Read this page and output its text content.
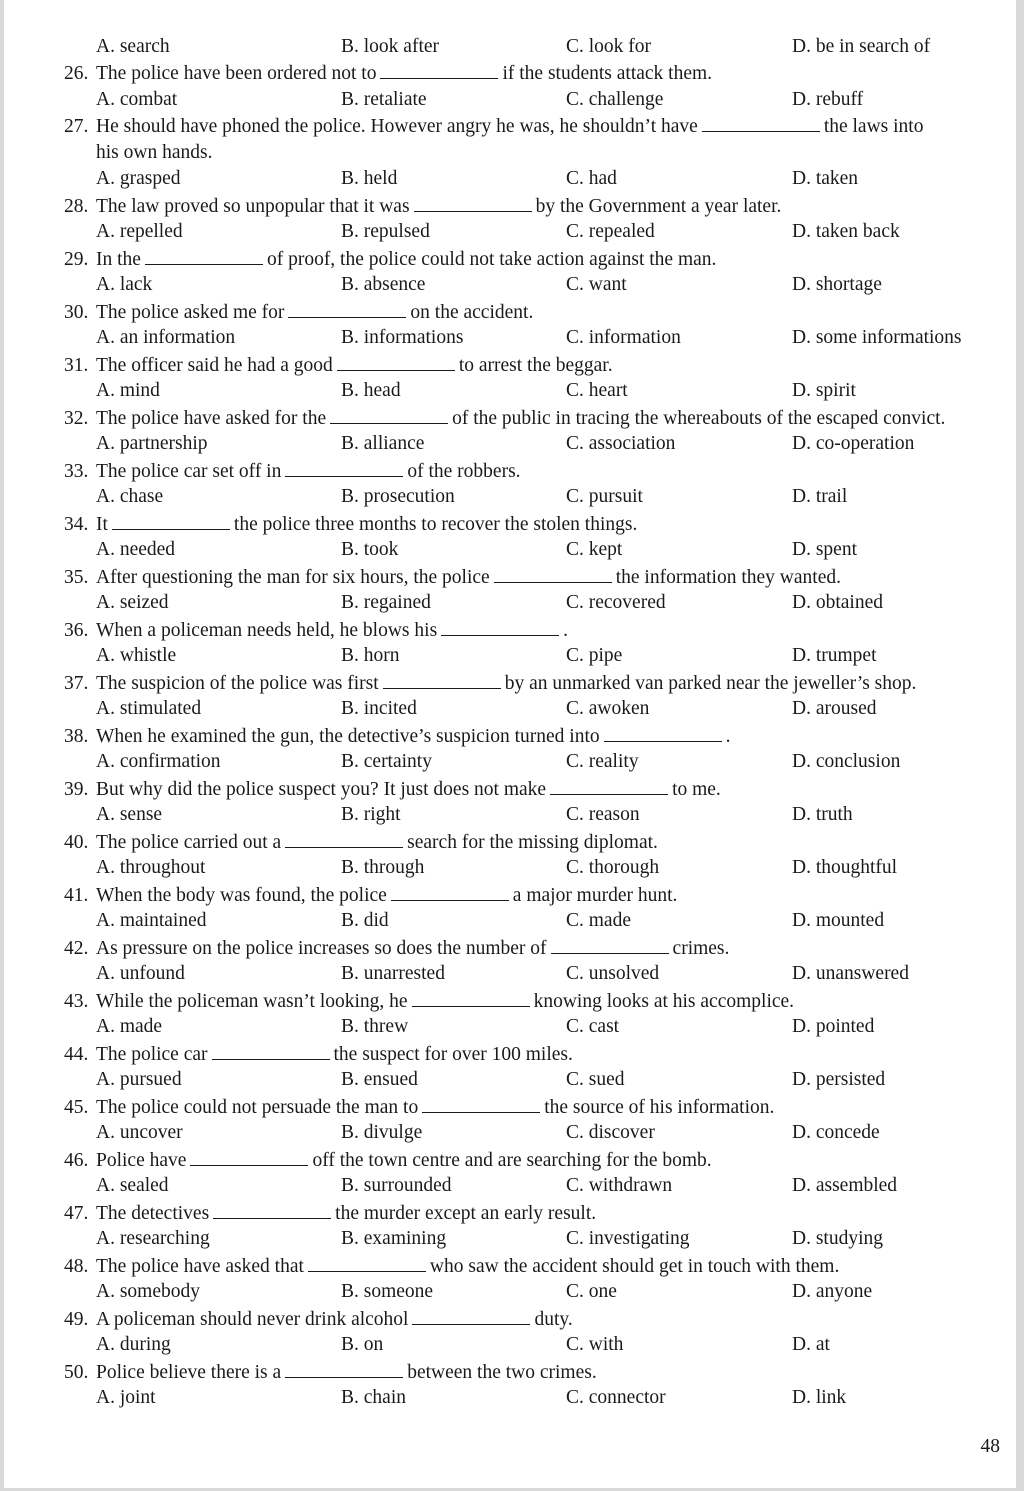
A. search	B. look after	C. look for	D. be in search of
26. The police have been ordered not to	if the students attack them.
A. combat	B. retaliate	C. challenge	D. rebuff
27. He should have phoned the police. However angry he was, he shouldn’t have	the laws into
his own hands.
A. grasped	B. held	C. had	D. taken
28. The law proved so unpopular that it was	by the Government a year later.
A. repelled	B. repulsed	C. repealed	D. taken back
29. In the	of proof, the police could not take action against the man.
A. lack	B. absence	C. want	D. shortage
30. The police asked me for	on the accident.
A. an information	B. informations	C. information	D. some informations
31. The officer said he had a good	to arrest the beggar.
A. mind	B. head	C. heart	D. spirit
32. The police have asked for the	of the public in tracing the whereabouts of the escaped convict.
A. partnership	B. alliance	C. association	D. co-operation
33. The police car set off in	of the robbers.
A. chase	B. prosecution	C. pursuit	D. trail
34. It	the police three months to recover the stolen things.
A. needed	B. took	C. kept	D. spent
35. After questioning the man for six hours, the police	the information they wanted.
A. seized	B. regained	C. recovered	D. obtained
36. When a policeman needs held, he blows his	.
A. whistle	B. horn	C. pipe	D. trumpet
37. The suspicion of the police was first	by an unmarked van parked near the jeweller’s shop.
A. stimulated	B. incited	C. awoken	D. aroused
38. When he examined the gun, the detective’s suspicion turned into	.
A. confirmation	B. certainty	C. reality	D. conclusion
39. But why did the police suspect you? It just does not make	to me.
A. sense	B. right	C. reason	D. truth
40. The police carried out a	search for the missing diplomat.
A. throughout	B. through	C. thorough	D. thoughtful
41. When the body was found, the police	a major murder hunt.
A. maintained	B. did	C. made	D. mounted
42. As pressure on the police increases so does the number of	crimes.
A. unfound	B. unarrested	C. unsolved	D. unanswered
43. While the policeman wasn’t looking, he	knowing looks at his accomplice.
A. made	B. threw	C. cast	D. pointed
44. The police car	the suspect for over 100 miles.
A. pursued	B. ensued	C. sued	D. persisted
45. The police could not persuade the man to	the source of his information.
A. uncover	B. divulge	C. discover	D. concede
46. Police have	off the town centre and are searching for the bomb.
A. sealed	B. surrounded	C. withdrawn	D. assembled
47. The detectives	the murder except an early result.
A. researching	B. examining	C. investigating	D. studying
48. The police have asked that	who saw the accident should get in touch with them.
A. somebody	B. someone	C. one	D. anyone
49. A policeman should never drink alcohol	duty.
A. during	B. on	C. with	D. at
50. Police believe there is a	between the two crimes.
A. joint	B. chain	C. connector	D. link
48
